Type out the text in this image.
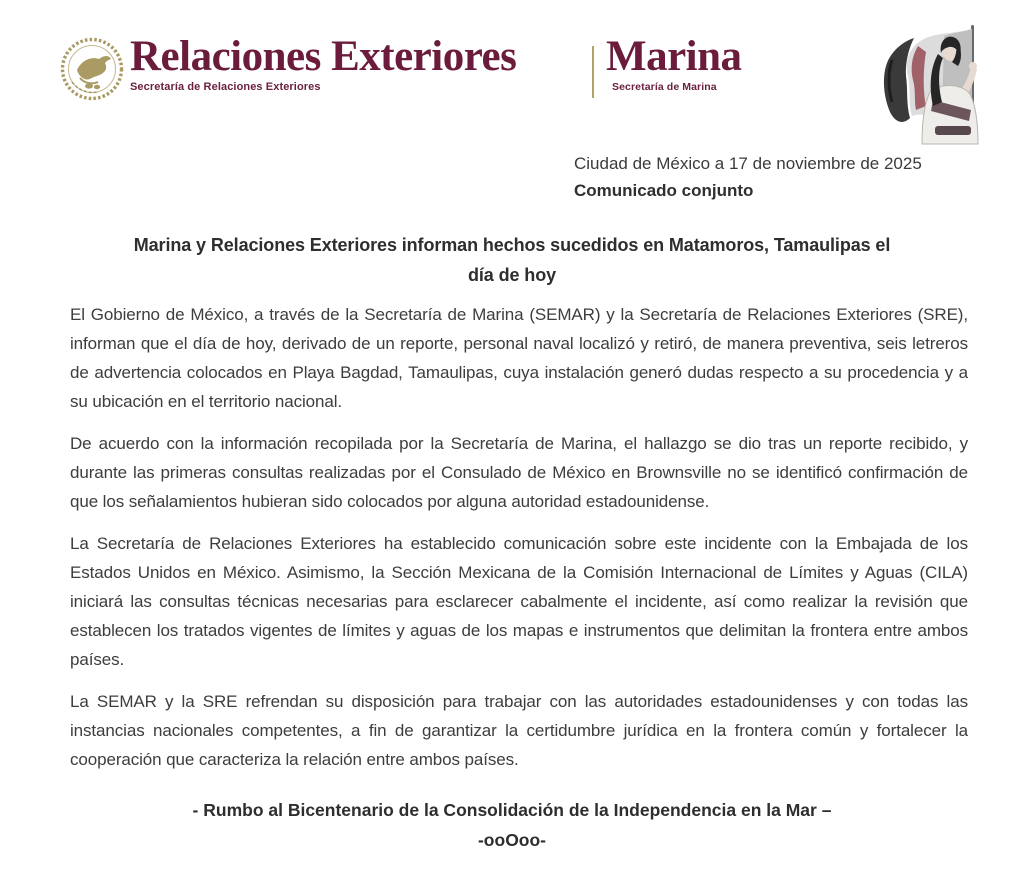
Relaciones Exteriores
Secretaría de Relaciones Exteriores
Marina
Secretaría de Marina
Ciudad de México a 17 de noviembre de 2025
Comunicado conjunto
Marina y Relaciones Exteriores informan hechos sucedidos en Matamoros, Tamaulipas el día de hoy

El Gobierno de México, a través de la Secretaría de Marina (SEMAR) y la Secretaría de Relaciones Exteriores (SRE), informan que el día de hoy, derivado de un reporte, personal naval localizó y retiró, de manera preventiva, seis letreros de advertencia colocados en Playa Bagdad, Tamaulipas, cuya instalación generó dudas respecto a su procedencia y a su ubicación en el territorio nacional.

De acuerdo con la información recopilada por la Secretaría de Marina, el hallazgo se dio tras un reporte recibido, y durante las primeras consultas realizadas por el Consulado de México en Brownsville no se identificó confirmación de que los señalamientos hubieran sido colocados por alguna autoridad estadounidense.

La Secretaría de Relaciones Exteriores ha establecido comunicación sobre este incidente con la Embajada de los Estados Unidos en México. Asimismo, la Sección Mexicana de la Comisión Internacional de Límites y Aguas (CILA) iniciará las consultas técnicas necesarias para esclarecer cabalmente el incidente, así como realizar la revisión que establecen los tratados vigentes de límites y aguas de los mapas e instrumentos que delimitan la frontera entre ambos países.

La SEMAR y la SRE refrendan su disposición para trabajar con las autoridades estadounidenses y con todas las instancias nacionales competentes, a fin de garantizar la certidumbre jurídica en la frontera común y fortalecer la cooperación que caracteriza la relación entre ambos países.

- Rumbo al Bicentenario de la Consolidación de la Independencia en la Mar –
-ooOoo-
